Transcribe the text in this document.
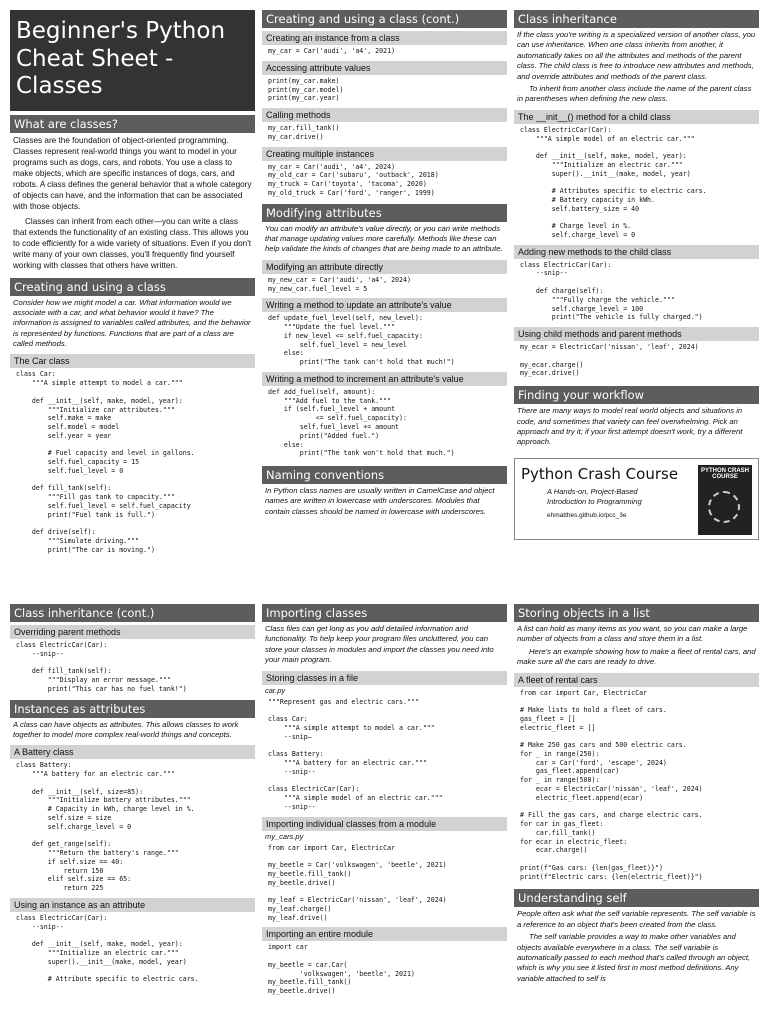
Beginner's Python Cheat Sheet - Classes
What are classes?
Classes are the foundation of object-oriented programming. Classes represent real-world things you want to model in your programs such as dogs, cars, and robots. You use a class to make objects, which are specific instances of dogs, cars, and robots. A class defines the general behavior that a whole category of objects can have, and the information that can be associated with those objects.
Classes can inherit from each other—you can write a class that extends the functionality of an existing class. This allows you to code efficiently for a wide variety of situations. Even if you don't write many of your own classes, you'll frequently find yourself working with classes that others have written.
Creating and using a class
Consider how we might model a car. What information would we associate with a car, and what behavior would it have? The information is assigned to variables called attributes, and the behavior is represented by functions. Functions that are part of a class are called methods.
The Car class
class Car:
"""A simple attempt to model a car."""

def __init__(self, make, model, year):
"""Initialize car attributes."""
self.make = make
self.model = model
self.year = year

# Fuel capacity and level in gallons.
self.fuel_capacity = 15
self.fuel_level = 0

def fill_tank(self):
"""Fill gas tank to capacity."""
self.fuel_level = self.fuel_capacity
print("Fuel tank is full.")

def drive(self):
"""Simulate driving."""
print("The car is moving.")
Creating and using a class (cont.)
Creating an instance from a class
my_car = Car('audi', 'a4', 2021)
Accessing attribute values
print(my_car.make)
print(my_car.model)
print(my_car.year)
Calling methods
my_car.fill_tank()
my_car.drive()
Creating multiple instances
my_car = Car('audi', 'a4', 2024)
my_old_car = Car('subaru', 'outback', 2018)
my_truck = Car('toyota', 'tacoma', 2020)
my_old_truck = Car('ford', 'ranger', 1999)
Modifying attributes
You can modify an attribute's value directly, or you can write methods that manage updating values more carefully. Methods like these can help validate the kinds of changes that are being made to an attribute.
Modifying an attribute directly
my_new_car = Car('audi', 'a4', 2024)
my_new_car.fuel_level = 5
Writing a method to update an attribute's value
def update_fuel_level(self, new_level):
"""Update the fuel level."""
if new_level <= self.fuel_capacity:
self.fuel_level = new_level
else:
print("The tank can't hold that much!")
Writing a method to increment an attribute's value
def add_fuel(self, amount):
"""Add fuel to the tank."""
if (self.fuel_level + amount
<= self.fuel_capacity):
self.fuel_level += amount
print("Added fuel.")
else:
print("The tank won't hold that much.")
Naming conventions
In Python class names are usually written in CamelCase and object names are written in lowercase with underscores. Modules that contain classes should be named in lowercase with underscores.
Class inheritance
If the class you're writing is a specialized version of another class, you can use inheritance. When one class inherits from another, it automatically takes on all the attributes and methods of the parent class. The child class is free to introduce new attributes and methods, and override attributes and methods of the parent class.
To inherit from another class include the name of the parent class in parentheses when defining the new class.
The __init__() method for a child class
class ElectricCar(Car):
"""A simple model of an electric car."""

def __init__(self, make, model, year):
"""Initialize an electric car."""
super().__init__(make, model, year)

# Attributes specific to electric cars.
# Battery capacity in kWh.
self.battery_size = 40

# Charge level in %.
self.charge_level = 0
Adding new methods to the child class
class ElectricCar(Car):
--snip--

def charge(self):
"""Fully charge the vehicle."""
self.charge_level = 100
print("The vehicle is fully charged.")
Using child methods and parent methods
my_ecar = ElectricCar('nissan', 'leaf', 2024)

my_ecar.charge()
my_ecar.drive()
Finding your workflow
There are many ways to model real world objects and situations in code, and sometimes that variety can feel overwhelming. Pick an approach and try it; if your first attempt doesn't work, try a different approach.
Python Crash Course
A Hands-on, Project-Based
Introduction to Programming
ehmatthes.github.io/pcc_3e
PYTHON CRASH COURSE
Class inheritance (cont.)
Overriding parent methods
class ElectricCar(Car):
--snip--

def fill_tank(self):
"""Display an error message."""
print("This car has no fuel tank!")
Instances as attributes
A class can have objects as attributes. This allows classes to work together to model more complex real-world things and concepts.
A Battery class
class Battery:
"""A battery for an electric car."""

def __init__(self, size=85):
"""Initialize battery attributes."""
# Capacity in kWh, charge level in %.
self.size = size
self.charge_level = 0

def get_range(self):
"""Return the battery's range."""
if self.size == 40:
return 150
elif self.size == 65:
return 225
Using an instance as an attribute
class ElectricCar(Car):
--snip--

def __init__(self, make, model, year):
"""Initialize an electric car."""
super().__init__(make, model, year)

# Attribute specific to electric cars.
Importing classes
Class files can get long as you add detailed information and functionality. To help keep your program files uncluttered, you can store your classes in modules and import the classes you need into your main program.
Storing classes in a file
car.py
"""Represent gas and electric cars."""

class Car:
"""A simple attempt to model a car."""
--snip—

class Battery:
"""A battery for an electric car."""
--snip--

class ElectricCar(Car):
"""A simple model of an electric car."""
--snip--
Importing individual classes from a module
my_cars.py
from car import Car, ElectricCar

my_beetle = Car('volkswagen', 'beetle', 2021)
my_beetle.fill_tank()
my_beetle.drive()

my_leaf = ElectricCar('nissan', 'leaf', 2024)
my_leaf.charge()
my_leaf.drive()
Importing an entire module
import car

my_beetle = car.Car(
'volkswagen', 'beetle', 2021)
my_beetle.fill_tank()
my_beetle.drive()
Storing objects in a list
A list can hold as many items as you want, so you can make a large number of objects from a class and store them in a list.
Here's an example showing how to make a fleet of rental cars, and make sure all the cars are ready to drive.
A fleet of rental cars
from car import Car, ElectricCar

# Make lists to hold a fleet of cars.
gas_fleet = []
electric_fleet = []

# Make 250 gas cars and 500 electric cars.
for _ in range(250):
car = Car('ford', 'escape', 2024)
gas_fleet.append(car)
for _ in range(500):
ecar = ElectricCar('nissan', 'leaf', 2024)
electric_fleet.append(ecar)

# Fill the gas cars, and charge electric cars.
for car in gas_fleet:
car.fill_tank()
for ecar in electric_fleet:
ecar.charge()

print(f"Gas cars: {len(gas_fleet)}")
print(f"Electric cars: {len(electric_fleet)}")
Understanding self
People often ask what the self variable represents. The self variable is a reference to an object that's been created from the class.
The self variable provides a way to make other variables and objects available everywhere in a class. The self variable is automatically passed to each method that's called through an object, which is why you see it listed first in most method definitions. Any variable attached to self is
